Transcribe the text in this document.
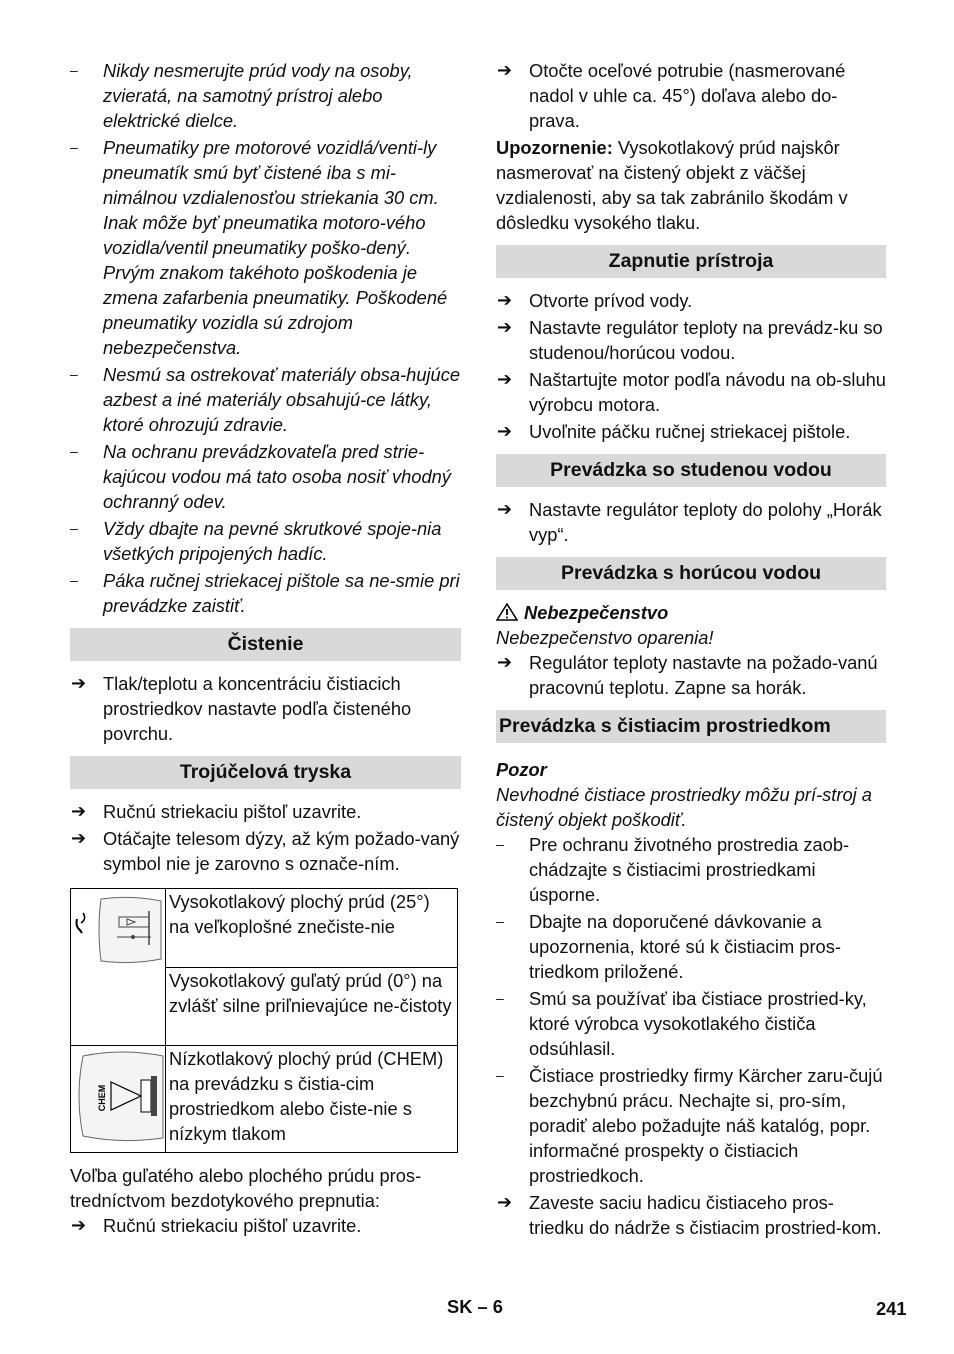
– Nikdy nesmerujte prúd vody na osoby, zvieratá, na samotný prístroj alebo elektrické dielce.
– Pneumatiky pre motorové vozidlá/venti-ly pneumatík smú byť čistené iba s mi-nimálnou vzdialenosťou striekania 30 cm. Inak môže byť pneumatika motoro-vého vozidla/ventil pneumatiky poško-dený. Prvým znakom takéhoto poškodenia je zmena zafarbenia pneumatiky. Poškodené pneumatiky vozidla sú zdrojom nebezpečenstva.
– Nesmú sa ostrekovať materiály obsa-hujúce azbest a iné materiály obsahujú-ce látky, ktoré ohrozujú zdravie.
– Na ochranu prevádzkovateľa pred strie-kajúcou vodou má tato osoba nosiť vhodný ochranný odev.
– Vždy dbajte na pevné skrutkové spoje-nia všetkých pripojených hadíc.
– Páka ručnej striekacej pištole sa ne-smie pri prevádzke zaistiť.
Čistenie
➔ Tlak/teplotu a koncentráciu čistiacich prostriedkov nastavte podľa čisteného povrchu.
Trojúčelová tryska
➔ Ručnú striekaciu pištoľ uzavrite.
➔ Otáčajte telesom dýzy, až kým požado-vaný symbol nie je zarovno s označe-ním.
	Vysokotlakový plochý prúd (25°) na veľkoplošné znečiste-nie
	Vysokotlakový guľatý prúd (0°) na zvlášť silne priľnievajúce ne-čistoty

CHEM	Nízkotlakový plochý prúd (CHEM) na prevádzku s čistia-cim prostriedkom alebo čiste-nie s nízkym tlakom

Voľba guľatého alebo plochého prúdu pros-tredníctvom bezdotykového prepnutia:

➔ Ručnú striekaciu pištoľ uzavrite.
➔ Otočte oceľové potrubie (nasmerované nadol v uhle ca. 45°) doľava alebo do-prava.

Upozornenie: Vysokotlakový prúd najskôr nasmerovať na čistený objekt z väčšej vzdialenosti, aby sa tak zabránilo škodám v dôsledku vysokého tlaku.

Zapnutie prístroja
➔ Otvorte prívod vody.
➔ Nastavte regulátor teploty na prevádz-ku so studenou/horúcou vodou.
➔ Naštartujte motor podľa návodu na ob-sluhu výrobcu motora.
➔ Uvoľnite páčku ručnej striekacej pištole.
Prevádzka so studenou vodou
➔ Nastavte regulátor teploty do polohy „Horák vyp“.
Prevádzka s horúcou vodou
Nebezpečenstvo

Nebezpečenstvo oparenia!

➔ Regulátor teploty nastavte na požado-vanú pracovnú teplotu. Zapne sa horák.
Prevádzka s čistiacim prostriedkom
Pozor

Nevhodné čistiace prostriedky môžu prí-stroj a čistený objekt poškodiť.

– Pre ochranu životného prostredia zaob-chádzajte s čistiacimi prostriedkami úsporne.
– Dbajte na doporučené dávkovanie a upozornenia, ktoré sú k čistiacim pros-triedkom priložené.
– Smú sa používať iba čistiace prostried-ky, ktoré výrobca vysokotlakého čističa odsúhlasil.
– Čistiace prostriedky firmy Kärcher zaru-čujú bezchybnú prácu. Nechajte si, pro-sím, poradiť alebo požadujte náš katalóg, popr. informačné prospekty o čistiacich prostriedkoch.
➔ Zaveste saciu hadicu čistiaceho pros-triedku do nádrže s čistiacim prostried-kom.
SK – 6	241
